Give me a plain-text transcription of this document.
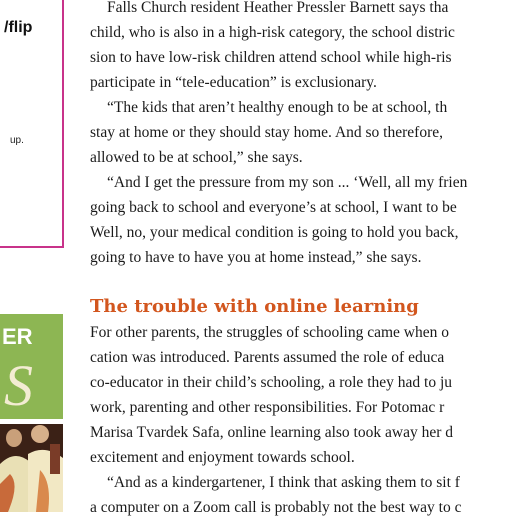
/flip
up.
ER
S
Falls Church resident Heather Pressler Barnett says tha
child, who is also in a high-risk category, the school distric
sion to have low-risk children attend school while high-ris
participate in “tele-education” is exclusionary.
“The kids that aren’t healthy enough to be at school, th
stay at home or they should stay home. And so therefore,
allowed to be at school,” she says.
“And I get the pressure from my son ... ‘Well, all my frien
going back to school and everyone’s at school, I want to be
Well, no, your medical condition is going to hold you back,
going to have to have you at home instead,” she says.
The trouble with online learning
For other parents, the struggles of schooling came when o
cation was introduced. Parents assumed the role of educa
co-educator in their child’s schooling, a role they had to ju
work, parenting and other responsibilities. For Potomac r
Marisa Tvardek Safa, online learning also took away her d
excitement and enjoyment towards school.
“And as a kindergartener, I think that asking them to sit f
a computer on a Zoom call is probably not the best way to c
